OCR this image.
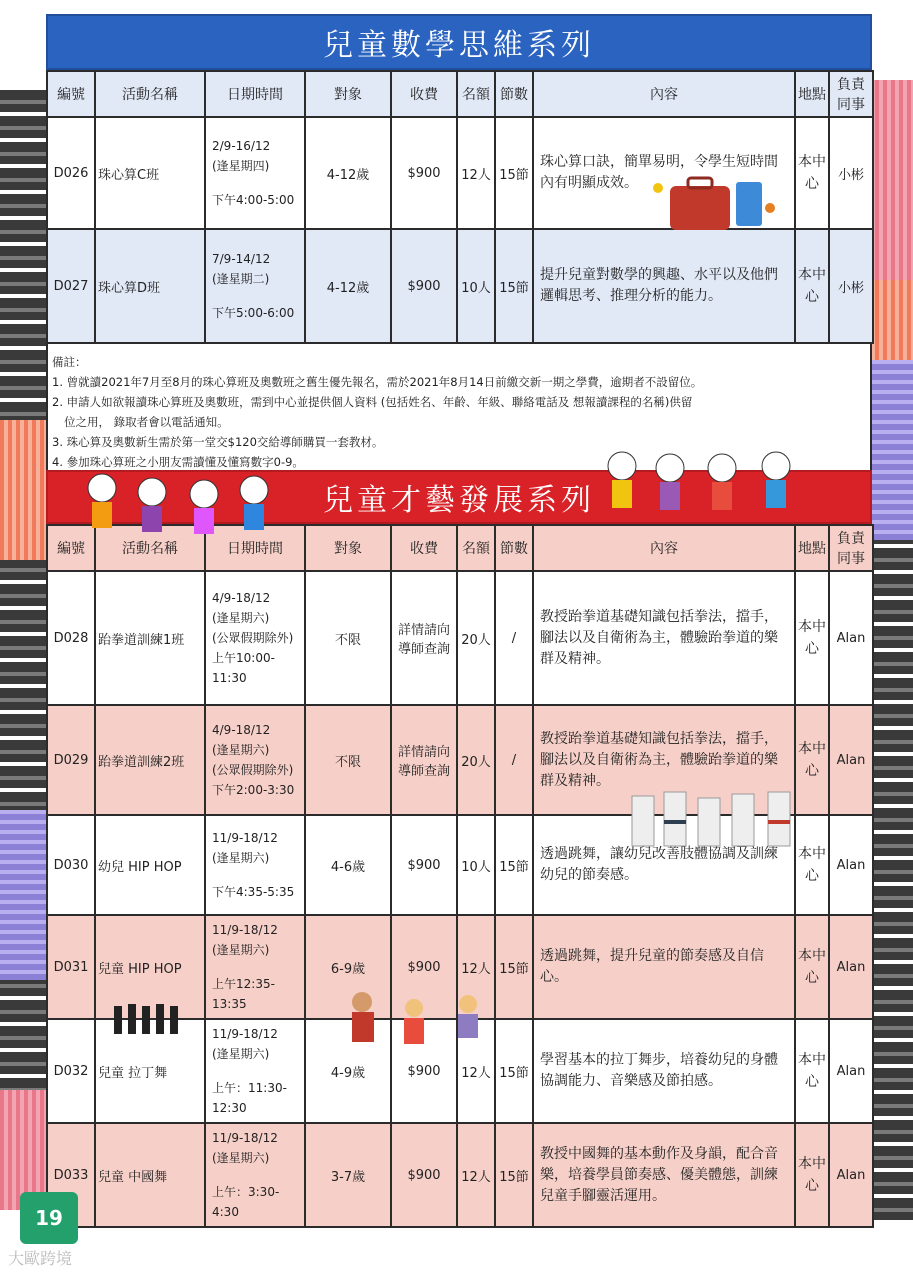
兒童數學思維系列
編號	活動名稱	日期時間	對象	收費	名額	節數	內容	地點	負責同事
D026	珠心算C班	2/9-16/12
(逢星期四)
下午4:00-5:00	4-12歲	$900	12人	15節	珠心算口訣，簡單易明，令學生短時間內有明顯成效。	本中心	小彬
D027	珠心算D班	7/9-14/12
(逢星期二)
下午5:00-6:00	4-12歲	$900	10人	15節	提升兒童對數學的興趣、水平以及他們邏輯思考、推理分析的能力。	本中心	小彬
備註：
1. 曾就讀2021年7月至8月的珠心算班及奧數班之舊生優先報名，需於2021年8月14日前繳交新一期之學費，逾期者不設留位。
2. 申請人如欲報讀珠心算班及奧數班，需到中心並提供個人資料 (包括姓名、年齡、年級、聯絡電話及 想報讀課程的名稱)供留
位之用， 錄取者會以電話通知。
3. 珠心算及奧數新生需於第一堂交$120交給導師購買一套教材。
4. 參加珠心算班之小朋友需讀懂及懂寫數字0-9。
兒童才藝發展系列
編號	活動名稱	日期時間	對象	收費	名額	節數	內容	地點	負責同事
D028	跆拳道訓練1班	4/9-18/12
(逢星期六)
(公眾假期除外)
上午10:00-11:30	不限	詳情請向導師查詢	20人	/	教授跆拳道基礎知識包括拳法，擋手，腳法以及自衛術為主，體驗跆拳道的樂群及精神。	本中心	Alan
D029	跆拳道訓練2班	4/9-18/12
(逢星期六)
(公眾假期除外)
下午2:00-3:30	不限	詳情請向導師查詢	20人	/	教授跆拳道基礎知識包括拳法，擋手，腳法以及自衛術為主，體驗跆拳道的樂群及精神。	本中心	Alan
D030	幼兒 HIP HOP	11/9-18/12
(逢星期六)
下午4:35-5:35	4-6歲	$900	10人	15節	透過跳舞，讓幼兒改善肢體協調及訓練幼兒的節奏感。	本中心	Alan
D031	兒童 HIP HOP	11/9-18/12
(逢星期六)
上午12:35-13:35	6-9歲	$900	12人	15節	透過跳舞，提升兒童的節奏感及自信心。	本中心	Alan
D032	兒童 拉丁舞	11/9-18/12
(逢星期六)
上午：11:30-12:30	4-9歲	$900	12人	15節	學習基本的拉丁舞步，培養幼兒的身體協調能力、音樂感及節拍感。	本中心	Alan
D033	兒童 中國舞	11/9-18/12
(逢星期六)
上午：3:30-4:30	3-7歲	$900	12人	15節	教授中國舞的基本動作及身韻，配合音樂，培養學員節奏感、優美體態，訓練兒童手腳靈活運用。	本中心	Alan
19
大歐跨境
